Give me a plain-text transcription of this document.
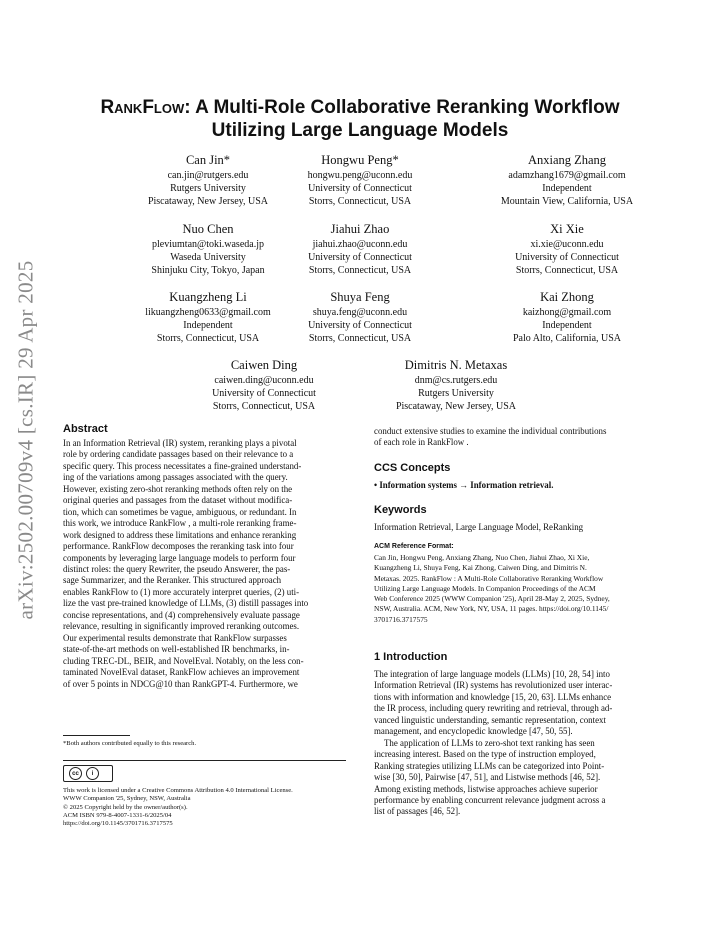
arXiv:2502.00709v4 [cs.IR] 29 Apr 2025
RankFlow: A Multi-Role Collaborative Reranking Workflow
Utilizing Large Language Models
Can Jin*
can.jin@rutgers.edu
Rutgers University
Piscataway, New Jersey, USA
Hongwu Peng*
hongwu.peng@uconn.edu
University of Connecticut
Storrs, Connecticut, USA
Anxiang Zhang
adamzhang1679@gmail.com
Independent
Mountain View, California, USA
Nuo Chen
pleviumtan@toki.waseda.jp
Waseda University
Shinjuku City, Tokyo, Japan
Jiahui Zhao
jiahui.zhao@uconn.edu
University of Connecticut
Storrs, Connecticut, USA
Xi Xie
xi.xie@uconn.edu
University of Connecticut
Storrs, Connecticut, USA
Kuangzheng Li
likuangzheng0633@gmail.com
Independent
Storrs, Connecticut, USA
Shuya Feng
shuya.feng@uconn.edu
University of Connecticut
Storrs, Connecticut, USA
Kai Zhong
kaizhong@gmail.com
Independent
Palo Alto, California, USA
Caiwen Ding
caiwen.ding@uconn.edu
University of Connecticut
Storrs, Connecticut, USA
Dimitris N. Metaxas
dnm@cs.rutgers.edu
Rutgers University
Piscataway, New Jersey, USA
Abstract
In an Information Retrieval (IR) system, reranking plays a pivotal
role by ordering candidate passages based on their relevance to a
specific query. This process necessitates a fine-grained understand-
ing of the variations among passages associated with the query.
However, existing zero-shot reranking methods often rely on the
original queries and passages from the dataset without modifica-
tion, which can sometimes be vague, ambiguous, or redundant. In
this work, we introduce RankFlow , a multi-role reranking frame-
work designed to address these limitations and enhance reranking
performance. RankFlow decomposes the reranking task into four
components by leveraging large language models to perform four
distinct roles: the query Rewriter, the pseudo Answerer, the pas-
sage Summarizer, and the Reranker. This structured approach
enables RankFlow to (1) more accurately interpret queries, (2) uti-
lize the vast pre-trained knowledge of LLMs, (3) distill passages into
concise representations, and (4) comprehensively evaluate passage
relevance, resulting in significantly improved reranking outcomes.
Our experimental results demonstrate that RankFlow surpasses
state-of-the-art methods on well-established IR benchmarks, in-
cluding TREC-DL, BEIR, and NovelEval. Notably, on the less con-
taminated NovelEval dataset, RankFlow achieves an improvement
of over 5 points in NDCG@10 than RankGPT-4. Furthermore, we
*Both authors contributed equally to this research.
cc	i
This work is licensed under a Creative Commons Attribution 4.0 International License.
WWW Companion '25, Sydney, NSW, Australia
© 2025 Copyright held by the owner/author(s).
ACM ISBN 979-8-4007-1331-6/2025/04
https://doi.org/10.1145/3701716.3717575
conduct extensive studies to examine the individual contributions
of each role in RankFlow .
CCS Concepts
• Information systems → Information retrieval.
Keywords
Information Retrieval, Large Language Model, ReRanking
ACM Reference Format:
Can Jin, Hongwu Peng, Anxiang Zhang, Nuo Chen, Jiahui Zhao, Xi Xie,
Kuangzheng Li, Shuya Feng, Kai Zhong, Caiwen Ding, and Dimitris N.
Metaxas. 2025. RankFlow : A Multi-Role Collaborative Reranking Workflow
Utilizing Large Language Models. In Companion Proceedings of the ACM
Web Conference 2025 (WWW Companion '25), April 28-May 2, 2025, Sydney,
NSW, Australia. ACM, New York, NY, USA, 11 pages. https://doi.org/10.1145/
3701716.3717575
1 Introduction
The integration of large language models (LLMs) [10, 28, 54] into
Information Retrieval (IR) systems has revolutionized user interac-
tions with information and knowledge [15, 20, 63]. LLMs enhance
the IR process, including query rewriting and retrieval, through ad-
vanced linguistic understanding, semantic representation, context
management, and encyclopedic knowledge [47, 50, 55].
The application of LLMs to zero-shot text ranking has seen
increasing interest. Based on the type of instruction employed,
Ranking strategies utilizing LLMs can be categorized into Point-
wise [30, 50], Pairwise [47, 51], and Listwise methods [46, 52].
Among existing methods, listwise approaches achieve superior
performance by enabling concurrent relevance judgment across a
list of passages [46, 52].
